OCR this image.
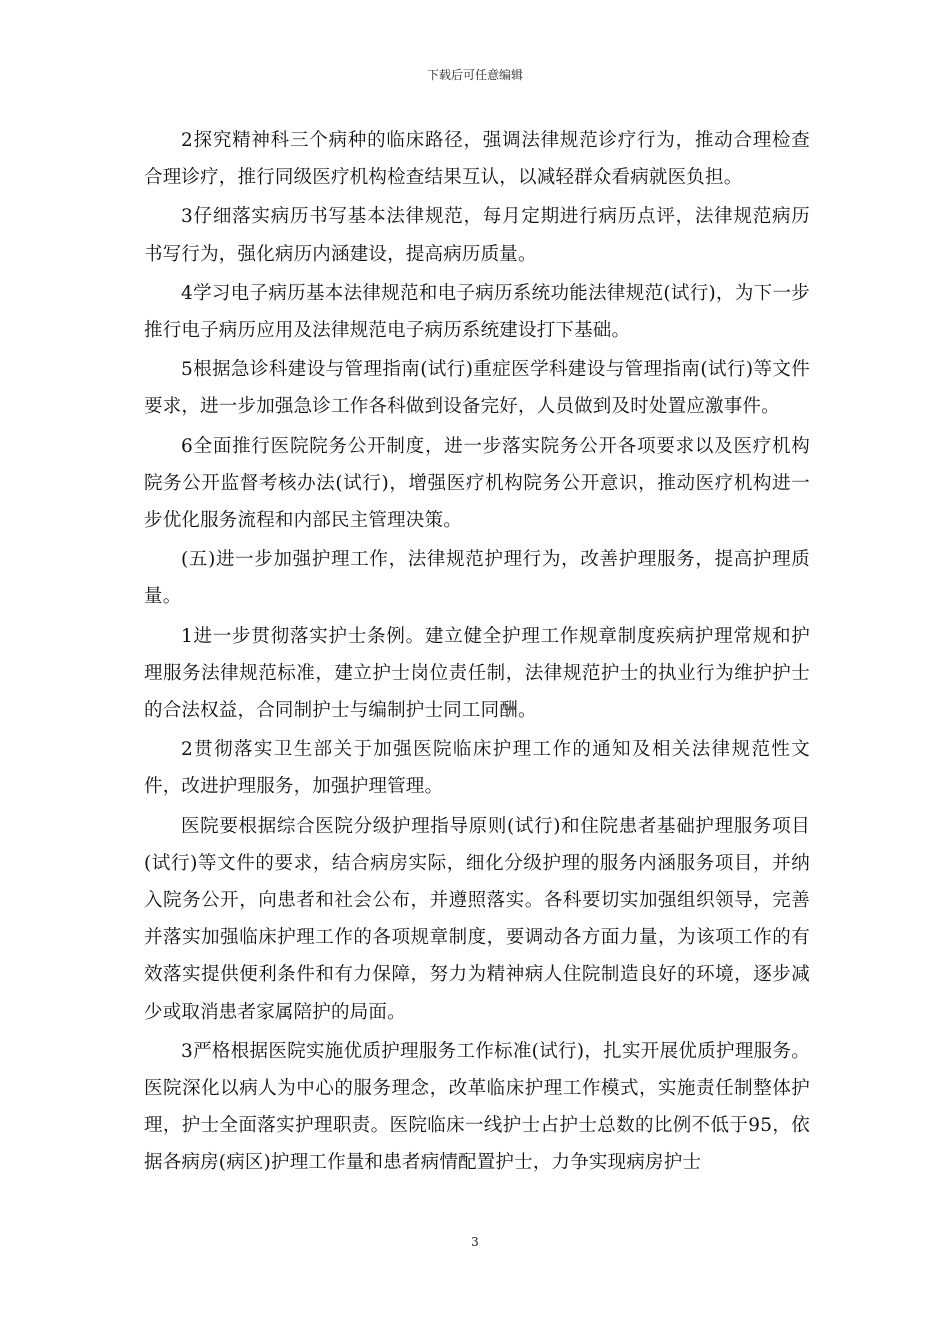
下载后可任意编辑

2探究精神科三个病种的临床路径，强调法律规范诊疗行为，推动合理检查合理诊疗，推行同级医疗机构检查结果互认，以减轻群众看病就医负担。

3仔细落实病历书写基本法律规范，每月定期进行病历点评，法律规范病历书写行为，强化病历内涵建设，提高病历质量。

4学习电子病历基本法律规范和电子病历系统功能法律规范(试行)，为下一步推行电子病历应用及法律规范电子病历系统建设打下基础。

5根据急诊科建设与管理指南(试行)重症医学科建设与管理指南(试行)等文件要求，进一步加强急诊工作各科做到设备完好，人员做到及时处置应激事件。

6全面推行医院院务公开制度，进一步落实院务公开各项要求以及医疗机构院务公开监督考核办法(试行)，增强医疗机构院务公开意识，推动医疗机构进一步优化服务流程和内部民主管理决策。

(五)进一步加强护理工作，法律规范护理行为，改善护理服务，提高护理质量。

1进一步贯彻落实护士条例。建立健全护理工作规章制度疾病护理常规和护理服务法律规范标准，建立护士岗位责任制，法律规范护士的执业行为维护护士的合法权益，合同制护士与编制护士同工同酬。

2贯彻落实卫生部关于加强医院临床护理工作的通知及相关法律规范性文件，改进护理服务，加强护理管理。

医院要根据综合医院分级护理指导原则(试行)和住院患者基础护理服务项目(试行)等文件的要求，结合病房实际，细化分级护理的服务内涵服务项目，并纳入院务公开，向患者和社会公布，并遵照落实。各科要切实加强组织领导，完善并落实加强临床护理工作的各项规章制度，要调动各方面力量，为该项工作的有效落实提供便利条件和有力保障，努力为精神病人住院制造良好的环境，逐步减少或取消患者家属陪护的局面。

3严格根据医院实施优质护理服务工作标准(试行)，扎实开展优质护理服务。医院深化以病人为中心的服务理念，改革临床护理工作模式，实施责任制整体护理，护士全面落实护理职责。医院临床一线护士占护士总数的比例不低于95，依据各病房(病区)护理工作量和患者病情配置护士，力争实现病房护士

3
